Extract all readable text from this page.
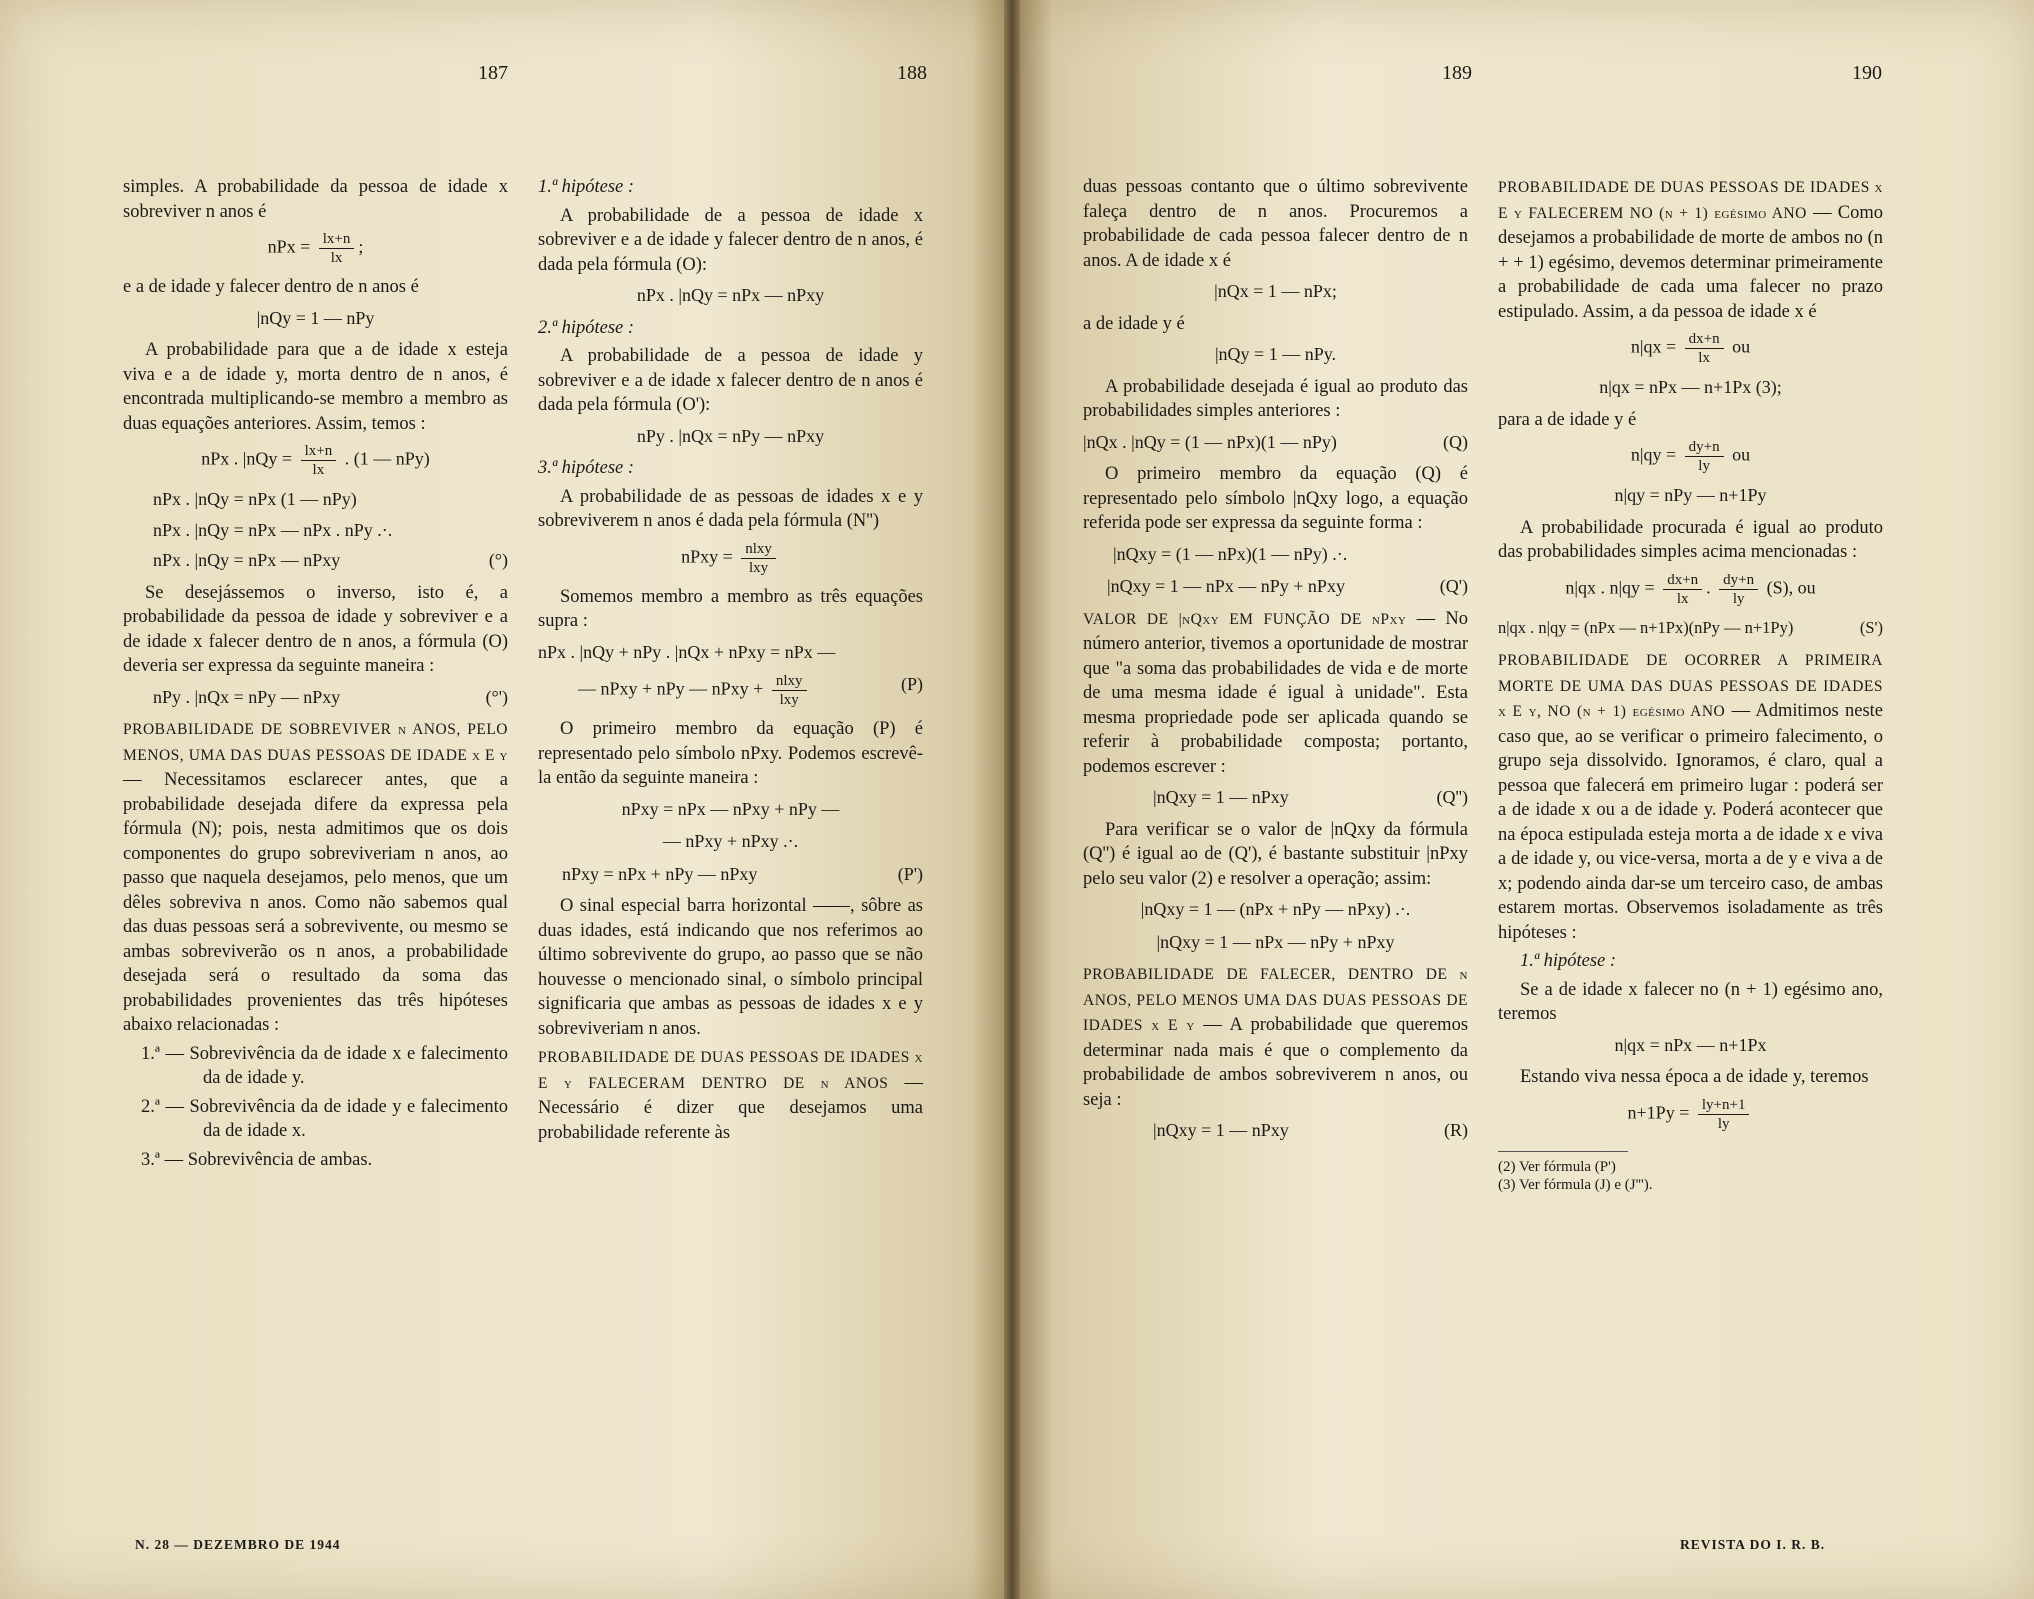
187	188	189	190

simples. A probabilidade da pessoa de idade x sobreviver n anos é

nPx = $\frac{lx+n}{lx}$ ;

e a de idade y falecer dentro de n anos é

|nQy = 1 — nPy

A probabilidade para que a de idade x esteja viva e a de idade y, morta dentro de n anos, é encontrada multiplicando-se membro a membro as duas equações anteriores. Assim, temos :

nPx . $|nQy = \frac{lx+n}{lx}$ . (1 — nPy)
nPx . |nQy = nPx (1 — nPy)
nPx . |nQy = nPx — nPx . nPy .·.
nPx . |nQy = nPx — nPxy	(°)

Se desejássemos o inverso, isto é, a probabilidade da pessoa de idade y sobreviver e a de idade x falecer dentro de n anos, a fórmula (O) deveria ser expressa da seguinte maneira :

nPy . |nQx = nPy — nPxy	(°')

PROBABILIDADE DE SOBREVIVER n ANOS, PELO MENOS, UMA DAS DUAS PESSOAS DE IDADE x E y — Necessitamos esclarecer antes, que a probabilidade desejada difere da expressa pela fórmula (N); pois, nesta admitimos que os dois componentes do grupo sobreviveriam n anos, ao passo que naquela desejamos, pelo menos, que um dêles sobreviva n anos. Como não sabemos qual das duas pessoas será a sobrevivente, ou mesmo se ambas sobreviverão os n anos, a probabilidade desejada será o resultado da soma das probabilidades provenientes das três hipóteses abaixo relacionadas :

1.ª — Sobrevivência da de idade x e falecimento da de idade y.
2.ª — Sobrevivência da de idade y e falecimento da de idade x.
3.ª — Sobrevivência de ambas.

1.ª hipótese :

A probabilidade de a pessoa de idade x sobreviver e a de idade y falecer dentro de n anos, é dada pela fórmula (O):

nPx . |nQy = nPx — nPxy

2.ª hipótese :

A probabilidade de a pessoa de idade y sobreviver e a de idade x falecer dentro de n anos é dada pela fórmula (O'):

nPy . |nQx = nPy — nPxy

3.ª hipótese :

A probabilidade de as pessoas de idades x e y sobreviverem n anos é dada pela fórmula (N'')

nPxy = $\frac{\text{nlxy}}{\text{lxy}}$

Somemos membro a membro as três equações supra :

nPx . |nQy + nPy . |nQx + nPxy = nPx —
— nPxy + nPy — nPxy + $\frac{\text{nlxy}}{\text{lxy}}$	(P)

O primeiro membro da equação (P) é representado pelo símbolo nPxy. Podemos escrevê-la então da seguinte maneira :

nPxy = nPx — nPxy + nPy —
— nPxy + nPxy .·.
nPxy = nPx + nPy — nPxy	(P')

O sinal especial barra horizontal ——, sôbre as duas idades, está indicando que nos referimos ao último sobrevivente do grupo, ao passo que se não houvesse o mencionado sinal, o símbolo principal significaria que ambas as pessoas de idades x e y sobreviveriam n anos.

PROBABILIDADE DE DUAS PESSOAS DE IDADES x E y FALECERAM DENTRO DE n ANOS — Necessário é dizer que desejamos uma probabilidade referente às

duas pessoas contanto que o último sobrevivente faleça dentro de n anos. Procuremos a probabilidade de cada pessoa falecer dentro de n anos. A de idade x é

|nQx = 1 — nPx;

a de idade y é

|nQy = 1 — nPy.

A probabilidade desejada é igual ao produto das probabilidades simples anteriores :

|nQx . |nQy = (1 — nPx)(1 — nPy)	(Q)

O primeiro membro da equação (Q) é representado pelo símbolo |nQxy logo, a equação referida pode ser expressa da seguinte forma :

|nQxy = (1 — nPx)(1 — nPy) .·.
|nQxy = 1 — nPx — nPy + nPxy	(Q')

VALOR DE |nQxy EM FUNÇÃO DE nPxy — No número anterior, tivemos a oportunidade de mostrar que "a soma das probabilidades de vida e de morte de uma mesma idade é igual à unidade". Esta mesma propriedade pode ser aplicada quando se referir à probabilidade composta; portanto, podemos escrever :

|nQxy = 1 — nPxy	(Q'')

Para verificar se o valor de |nQxy da fórmula (Q'') é igual ao de (Q'), é bastante substituir |nPxy pelo seu valor (2) e resolver a operação; assim:

|nQxy = 1 — (nPx + nPy — nPxy) .·.
|nQxy = 1 — nPx — nPy + nPxy

PROBABILIDADE DE FALECER, DENTRO DE n ANOS, PELO MENOS UMA DAS DUAS PESSOAS DE IDADES x E y — A probabilidade que queremos determinar nada mais é que o complemento da probabilidade de ambos sobreviverem n anos, ou seja :

|nQxy = 1 — nPxy	(R)

PROBABILIDADE DE DUAS PESSOAS DE IDADES x E y FALECEREM NO (n + 1) egésimo ANO — Como desejamos a probabilidade de morte de ambos no (n + + 1) egésimo, devemos determinar primeiramente a probabilidade de cada uma falecer no prazo estipulado. Assim, a da pessoa de idade x é

$n|qx = \frac{dx+n}{lx}$ ou
n|qx = nPx — n+1Px (3);

para a de idade y é

$n|qy = \frac{dy+n}{ly}$ ou
n|qy = nPy — n+1Py

A probabilidade procurada é igual ao produto das probabilidades simples acima mencionadas :

n|qx . $n|qy = \frac{dx+n}{lx}$ . $\frac{dy+n}{ly} (S)$, ou
n|qx . n|qy = (nPx — n+1Px)(nPy — n+1Py)	(S')

PROBABILIDADE DE OCORRER A PRIMEIRA MORTE DE UMA DAS DUAS PESSOAS DE IDADES x E y, NO (n + 1) egésimo ANO — Admitimos neste caso que, ao se verificar o primeiro falecimento, o grupo seja dissolvido. Ignoramos, é claro, qual a pessoa que falecerá em primeiro lugar : poderá ser a de idade x ou a de idade y. Poderá acontecer que na época estipulada esteja morta a de idade x e viva a de idade y, ou vice-versa, morta a de y e viva a de x; podendo ainda dar-se um terceiro caso, de ambas estarem mortas. Observemos isoladamente as três hipóteses :

1.ª hipótese :

Se a de idade x falecer no (n + 1) egésimo ano, teremos

n|qx = nPx — n+1Px

Estando viva nessa época a de idade y, teremos

$n+1Py = \frac{ly+n+1}{ly}$
(2) Ver fórmula (P')
(3) Ver fórmula (J) e (J''').
N. 28 — DEZEMBRO DE 1944	REVISTA DO I. R. B.
